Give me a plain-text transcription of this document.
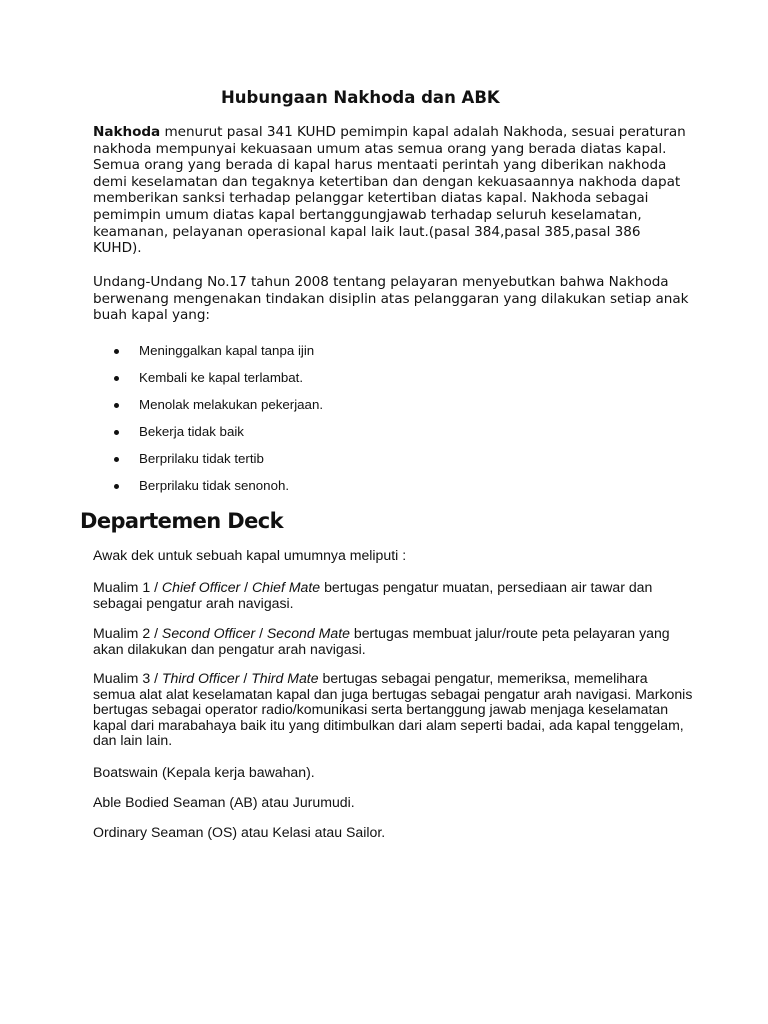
Hubungaan Nakhoda dan ABK

Nakhoda menurut pasal 341 KUHD pemimpin kapal adalah Nakhoda, sesuai peraturan nakhoda mempunyai kekuasaan umum atas semua orang yang berada diatas kapal. Semua orang yang berada di kapal harus mentaati perintah yang diberikan nakhoda demi keselamatan dan tegaknya ketertiban dan dengan kekuasaannya nakhoda dapat memberikan sanksi terhadap pelanggar ketertiban diatas kapal. Nakhoda sebagai pemimpin umum diatas kapal bertanggungjawab terhadap seluruh keselamatan, keamanan, pelayanan operasional kapal laik laut.(pasal 384,pasal 385,pasal 386 KUHD).

Undang-Undang No.17 tahun 2008 tentang pelayaran menyebutkan bahwa Nakhoda berwenang mengenakan tindakan disiplin atas pelanggaran yang dilakukan setiap anak buah kapal yang:

Meninggalkan kapal tanpa ijin
Kembali ke kapal terlambat.
Menolak melakukan pekerjaan.
Bekerja tidak baik
Berprilaku tidak tertib
Berprilaku tidak senonoh.
Departemen Deck

Awak dek untuk sebuah kapal umumnya meliputi :

Mualim 1 / Chief Officer / Chief Mate bertugas pengatur muatan, persediaan air tawar dan sebagai pengatur arah navigasi.

Mualim 2 / Second Officer / Second Mate bertugas membuat jalur/route peta pelayaran yang akan dilakukan dan pengatur arah navigasi.

Mualim 3 / Third Officer / Third Mate bertugas sebagai pengatur, memeriksa, memelihara semua alat alat keselamatan kapal dan juga bertugas sebagai pengatur arah navigasi. Markonis bertugas sebagai operator radio/komunikasi serta bertanggung jawab menjaga keselamatan kapal dari marabahaya baik itu yang ditimbulkan dari alam seperti badai, ada kapal tenggelam, dan lain lain.

Boatswain (Kepala kerja bawahan).

Able Bodied Seaman (AB) atau Jurumudi.

Ordinary Seaman (OS) atau Kelasi atau Sailor.
